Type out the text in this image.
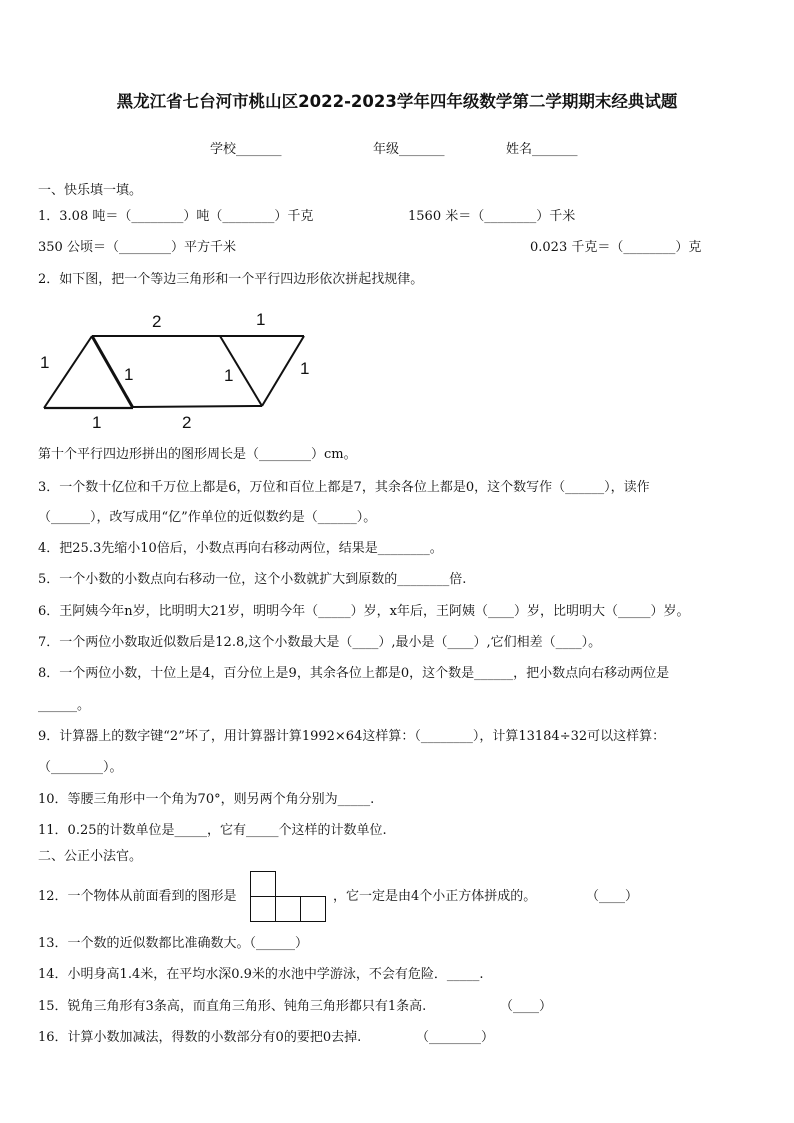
黑龙江省七台河市桃山区2022-2023学年四年级数学第二学期期末经典试题
学校_______	年级_______	姓名_______
一、快乐填一填。
1．3.08 吨＝（________）吨（________）千克	1560 米＝（________）千米
350 公顷＝（________）平方千米	0.023 千克＝（________）克
2．如下图，把一个等边三角形和一个平行四边形依次拼起找规律。
2	1
1
1	1	1
1	2
第十个平行四边形拼出的图形周长是（________）cm。
3．一个数十亿位和千万位上都是6，万位和百位上都是7，其余各位上都是0，这个数写作（______），读作
（______），改写成用“亿”作单位的近似数约是（______）。
4．把25.3先缩小10倍后，小数点再向右移动两位，结果是________。
5．一个小数的小数点向右移动一位，这个小数就扩大到原数的________倍.
6．王阿姨今年n岁，比明明大21岁，明明今年（_____）岁，x年后，王阿姨（____）岁，比明明大（_____）岁。
7．一个两位小数取近似数后是12.8,这个小数最大是（____）,最小是（____）,它们相差（____）。
8．一个两位小数，十位上是4，百分位上是9，其余各位上都是0，这个数是______，把小数点向右移动两位是
______。
9．计算器上的数字键“2”坏了，用计算器计算1992×64这样算：（________），计算13184÷32可以这样算：
（________）。
10．等腰三角形中一个角为70°，则另两个角分别为_____.
11．0.25的计数单位是_____，它有_____个这样的计数单位.
二、公正小法官。
12．一个物体从前面看到的图形是	，它一定是由4个小正方体拼成的。	（____）
13．一个数的近似数都比准确数大。（______）
14．小明身高1.4米，在平均水深0.9米的水池中学游泳，不会有危险．_____.
15．锐角三角形有3条高，而直角三角形、钝角三角形都只有1条高.	（____）
16．计算小数加减法，得数的小数部分有0的要把0去掉.	（________）
